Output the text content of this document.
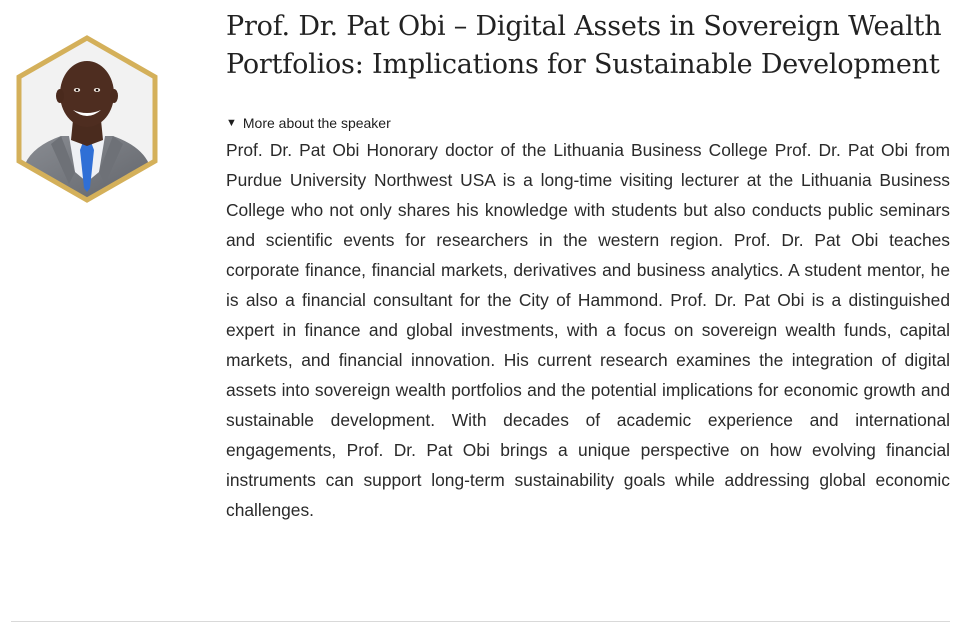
Prof. Dr. Pat Obi – Digital Assets in Sovereign Wealth Portfolios: Implications for Sustainable Development
▼ More about the speaker

Prof. Dr. Pat Obi Honorary doctor of the Lithuania Business College Prof. Dr. Pat Obi from Purdue University Northwest USA is a long-time visiting lecturer at the Lithuania Business College who not only shares his knowledge with students but also conducts public seminars and scientific events for researchers in the western region. Prof. Dr. Pat Obi teaches corporate finance, financial markets, derivatives and business analytics. A student mentor, he is also a financial consultant for the City of Hammond. Prof. Dr. Pat Obi is a distinguished expert in finance and global investments, with a focus on sovereign wealth funds, capital markets, and financial innovation. His current research examines the integration of digital assets into sovereign wealth portfolios and the potential implications for economic growth and sustainable development. With decades of academic experience and international engagements, Prof. Dr. Pat Obi brings a unique perspective on how evolving financial instruments can support long-term sustainability goals while addressing global economic challenges.
